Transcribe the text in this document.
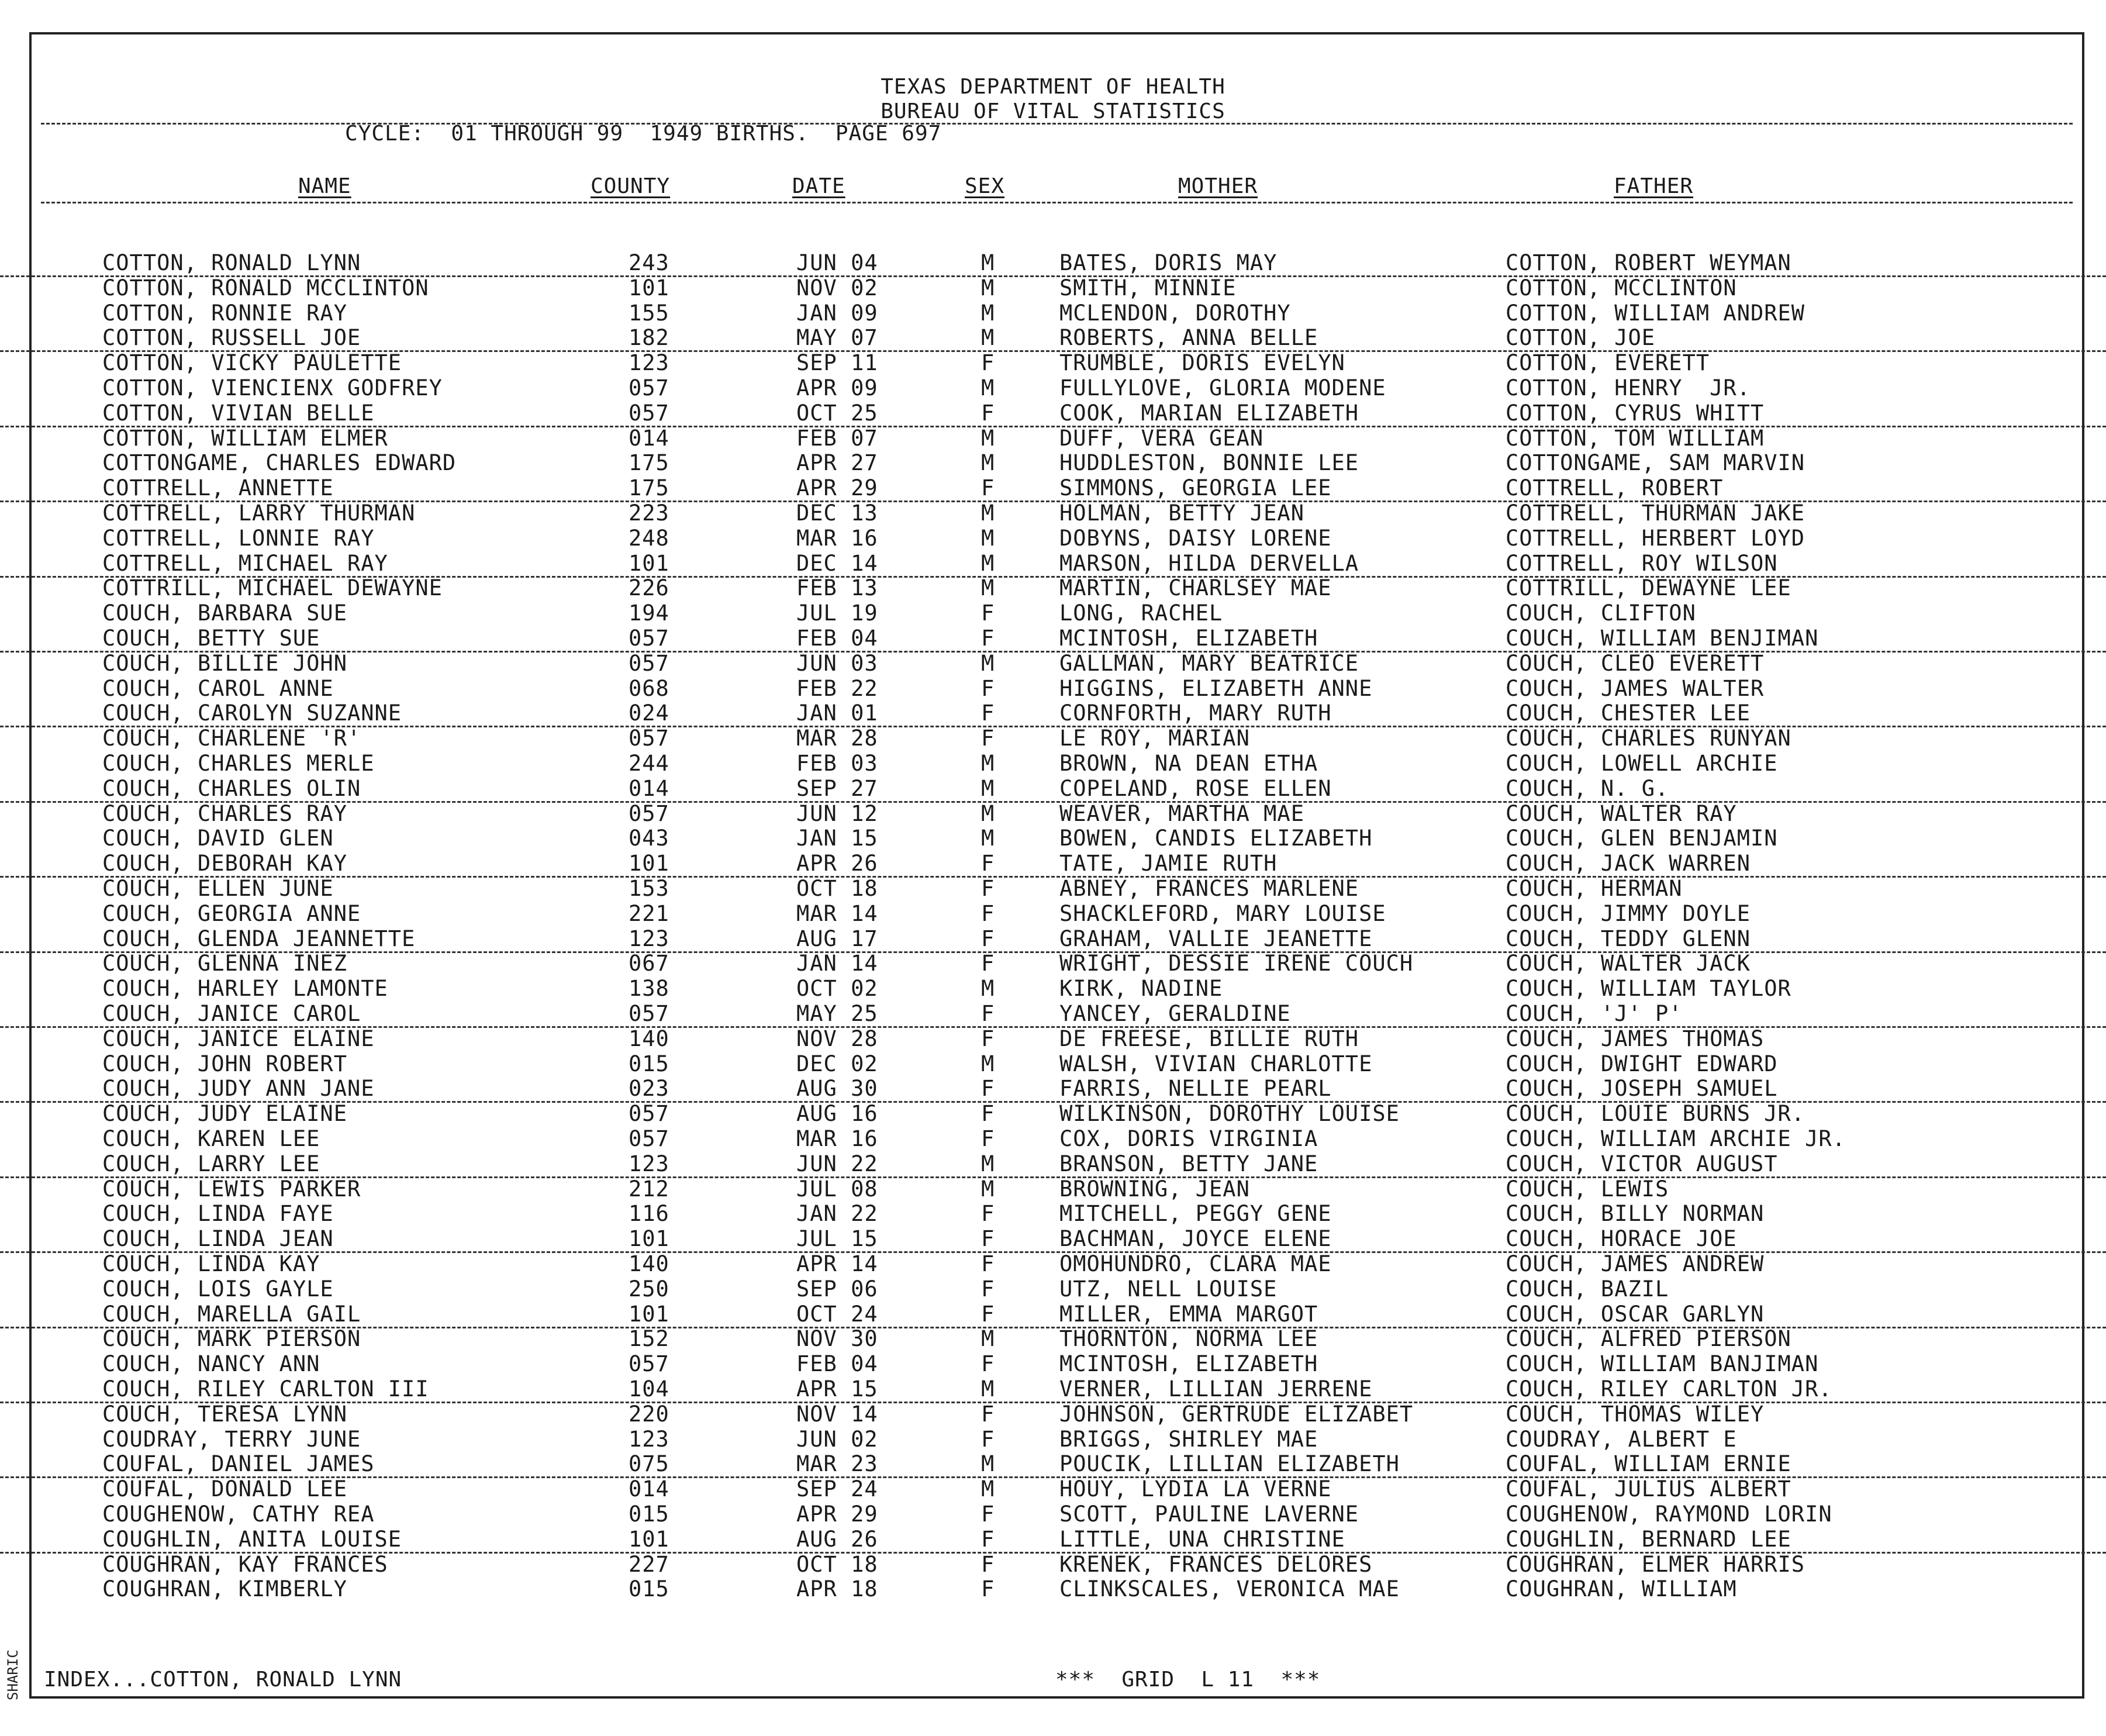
SHARIC
TEXAS DEPARTMENT OF HEALTH
BUREAU OF VITAL STATISTICS
CYCLE:  01 THROUGH 99  1949 BIRTHS.  PAGE 697
NAME	COUNTY	DATE	SEX	MOTHER	FATHER
COTTON, RONALD LYNN	243	JUN 04	M	BATES, DORIS MAY	COTTON, ROBERT WEYMAN
COTTON, RONALD MCCLINTON	101	NOV 02	M	SMITH, MINNIE	COTTON, MCCLINTON
COTTON, RONNIE RAY	155	JAN 09	M	MCLENDON, DOROTHY	COTTON, WILLIAM ANDREW
COTTON, RUSSELL JOE	182	MAY 07	M	ROBERTS, ANNA BELLE	COTTON, JOE
COTTON, VICKY PAULETTE	123	SEP 11	F	TRUMBLE, DORIS EVELYN	COTTON, EVERETT
COTTON, VIENCIENX GODFREY	057	APR 09	M	FULLYLOVE, GLORIA MODENE	COTTON, HENRY  JR.
COTTON, VIVIAN BELLE	057	OCT 25	F	COOK, MARIAN ELIZABETH	COTTON, CYRUS WHITT
COTTON, WILLIAM ELMER	014	FEB 07	M	DUFF, VERA GEAN	COTTON, TOM WILLIAM
COTTONGAME, CHARLES EDWARD	175	APR 27	M	HUDDLESTON, BONNIE LEE	COTTONGAME, SAM MARVIN
COTTRELL, ANNETTE	175	APR 29	F	SIMMONS, GEORGIA LEE	COTTRELL, ROBERT
COTTRELL, LARRY THURMAN	223	DEC 13	M	HOLMAN, BETTY JEAN	COTTRELL, THURMAN JAKE
COTTRELL, LONNIE RAY	248	MAR 16	M	DOBYNS, DAISY LORENE	COTTRELL, HERBERT LOYD
COTTRELL, MICHAEL RAY	101	DEC 14	M	MARSON, HILDA DERVELLA	COTTRELL, ROY WILSON
COTTRILL, MICHAEL DEWAYNE	226	FEB 13	M	MARTIN, CHARLSEY MAE	COTTRILL, DEWAYNE LEE
COUCH, BARBARA SUE	194	JUL 19	F	LONG, RACHEL	COUCH, CLIFTON
COUCH, BETTY SUE	057	FEB 04	F	MCINTOSH, ELIZABETH	COUCH, WILLIAM BENJIMAN
COUCH, BILLIE JOHN	057	JUN 03	M	GALLMAN, MARY BEATRICE	COUCH, CLEO EVERETT
COUCH, CAROL ANNE	068	FEB 22	F	HIGGINS, ELIZABETH ANNE	COUCH, JAMES WALTER
COUCH, CAROLYN SUZANNE	024	JAN 01	F	CORNFORTH, MARY RUTH	COUCH, CHESTER LEE
COUCH, CHARLENE 'R'	057	MAR 28	F	LE ROY, MARIAN	COUCH, CHARLES RUNYAN
COUCH, CHARLES MERLE	244	FEB 03	M	BROWN, NA DEAN ETHA	COUCH, LOWELL ARCHIE
COUCH, CHARLES OLIN	014	SEP 27	M	COPELAND, ROSE ELLEN	COUCH, N. G.
COUCH, CHARLES RAY	057	JUN 12	M	WEAVER, MARTHA MAE	COUCH, WALTER RAY
COUCH, DAVID GLEN	043	JAN 15	M	BOWEN, CANDIS ELIZABETH	COUCH, GLEN BENJAMIN
COUCH, DEBORAH KAY	101	APR 26	F	TATE, JAMIE RUTH	COUCH, JACK WARREN
COUCH, ELLEN JUNE	153	OCT 18	F	ABNEY, FRANCES MARLENE	COUCH, HERMAN
COUCH, GEORGIA ANNE	221	MAR 14	F	SHACKLEFORD, MARY LOUISE	COUCH, JIMMY DOYLE
COUCH, GLENDA JEANNETTE	123	AUG 17	F	GRAHAM, VALLIE JEANETTE	COUCH, TEDDY GLENN
COUCH, GLENNA INEZ	067	JAN 14	F	WRIGHT, DESSIE IRENE COUCH	COUCH, WALTER JACK
COUCH, HARLEY LAMONTE	138	OCT 02	M	KIRK, NADINE	COUCH, WILLIAM TAYLOR
COUCH, JANICE CAROL	057	MAY 25	F	YANCEY, GERALDINE	COUCH, 'J' P'
COUCH, JANICE ELAINE	140	NOV 28	F	DE FREESE, BILLIE RUTH	COUCH, JAMES THOMAS
COUCH, JOHN ROBERT	015	DEC 02	M	WALSH, VIVIAN CHARLOTTE	COUCH, DWIGHT EDWARD
COUCH, JUDY ANN JANE	023	AUG 30	F	FARRIS, NELLIE PEARL	COUCH, JOSEPH SAMUEL
COUCH, JUDY ELAINE	057	AUG 16	F	WILKINSON, DOROTHY LOUISE	COUCH, LOUIE BURNS JR.
COUCH, KAREN LEE	057	MAR 16	F	COX, DORIS VIRGINIA	COUCH, WILLIAM ARCHIE JR.
COUCH, LARRY LEE	123	JUN 22	M	BRANSON, BETTY JANE	COUCH, VICTOR AUGUST
COUCH, LEWIS PARKER	212	JUL 08	M	BROWNING, JEAN	COUCH, LEWIS
COUCH, LINDA FAYE	116	JAN 22	F	MITCHELL, PEGGY GENE	COUCH, BILLY NORMAN
COUCH, LINDA JEAN	101	JUL 15	F	BACHMAN, JOYCE ELENE	COUCH, HORACE JOE
COUCH, LINDA KAY	140	APR 14	F	OMOHUNDRO, CLARA MAE	COUCH, JAMES ANDREW
COUCH, LOIS GAYLE	250	SEP 06	F	UTZ, NELL LOUISE	COUCH, BAZIL
COUCH, MARELLA GAIL	101	OCT 24	F	MILLER, EMMA MARGOT	COUCH, OSCAR GARLYN
COUCH, MARK PIERSON	152	NOV 30	M	THORNTON, NORMA LEE	COUCH, ALFRED PIERSON
COUCH, NANCY ANN	057	FEB 04	F	MCINTOSH, ELIZABETH	COUCH, WILLIAM BANJIMAN
COUCH, RILEY CARLTON III	104	APR 15	M	VERNER, LILLIAN JERRENE	COUCH, RILEY CARLTON JR.
COUCH, TERESA LYNN	220	NOV 14	F	JOHNSON, GERTRUDE ELIZABET	COUCH, THOMAS WILEY
COUDRAY, TERRY JUNE	123	JUN 02	F	BRIGGS, SHIRLEY MAE	COUDRAY, ALBERT E
COUFAL, DANIEL JAMES	075	MAR 23	M	POUCIK, LILLIAN ELIZABETH	COUFAL, WILLIAM ERNIE
COUFAL, DONALD LEE	014	SEP 24	M	HOUY, LYDIA LA VERNE	COUFAL, JULIUS ALBERT
COUGHENOW, CATHY REA	015	APR 29	F	SCOTT, PAULINE LAVERNE	COUGHENOW, RAYMOND LORIN
COUGHLIN, ANITA LOUISE	101	AUG 26	F	LITTLE, UNA CHRISTINE	COUGHLIN, BERNARD LEE
COUGHRAN, KAY FRANCES	227	OCT 18	F	KRENEK, FRANCES DELORES	COUGHRAN, ELMER HARRIS
COUGHRAN, KIMBERLY	015	APR 18	F	CLINKSCALES, VERONICA MAE	COUGHRAN, WILLIAM
INDEX...COTTON, RONALD LYNN	***  GRID  L 11  ***
